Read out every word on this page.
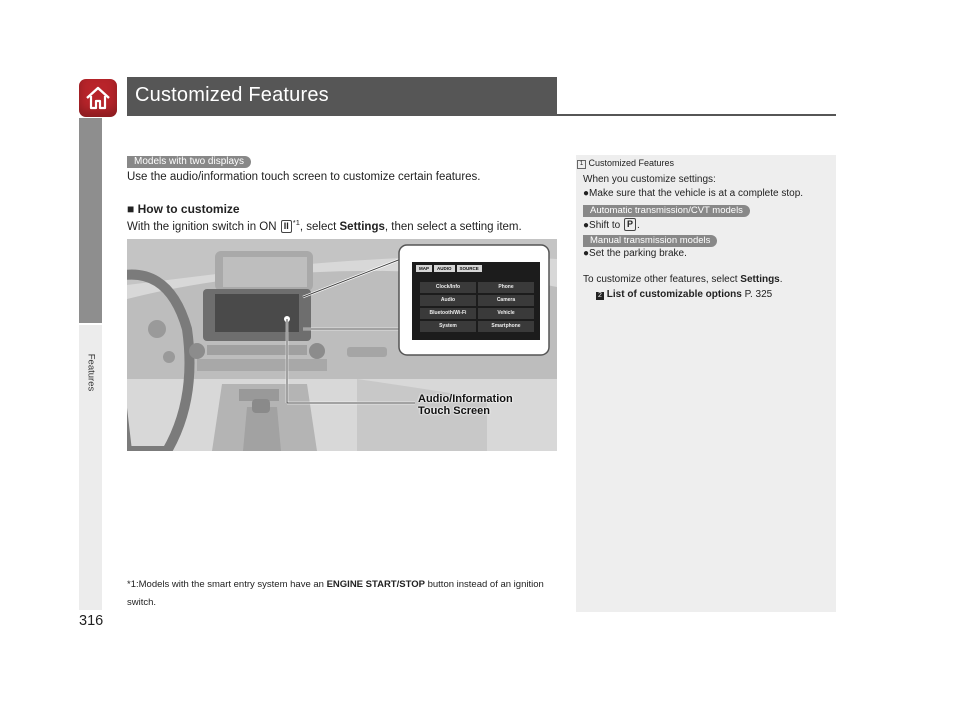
Customized Features
Features
316
Models with two displays
Use the audio/information touch screen to customize certain features.
■ How to customize
With the ignition switch in ON II $^{*1}$, select Settings, then select a setting item.
MAP	AUDIO	SOURCE
Clock/Info	Phone
Audio	Camera
Bluetooth/Wi-Fi	Vehicle
System	Smartphone
Audio/Information
Touch Screen
*1:Models with the smart entry system have an ENGINE START/STOP button instead of an ignition switch.
1 Customized Features
When you customize settings:
●Make sure that the vehicle is at a complete stop.
Automatic transmission/CVT models
●Shift to P .
Manual transmission models
●Set the parking brake.
To customize other features, select Settings.
2 List of customizable options P. 325
